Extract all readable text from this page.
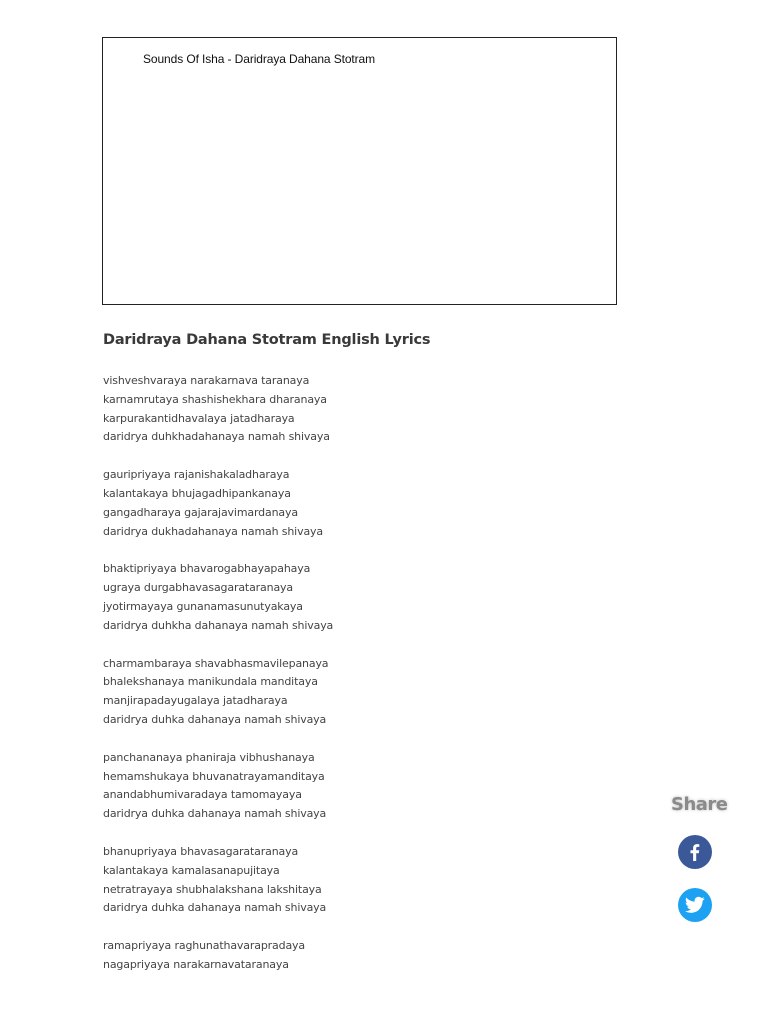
Sounds Of Isha - Daridraya Dahana Stotram
Daridraya Dahana Stotram English Lyrics

vishveshvaraya narakarnava taranaya
karnamrutaya shashishekhara dharanaya
karpurakantidhavalaya jatadharaya
daridrya duhkhadahanaya namah shivaya

gauripriyaya rajanishakaladharaya
kalantakaya bhujagadhipankanaya
gangadharaya gajarajavimardanaya
daridrya dukhadahanaya namah shivaya

bhaktipriyaya bhavarogabhayapahaya
ugraya durgabhavasagarataranaya
jyotirmayaya gunanamasunutyakaya
daridrya duhkha dahanaya namah shivaya

charmambaraya shavabhasmavilepanaya
bhalekshanaya manikundala manditaya
manjirapadayugalaya jatadharaya
daridrya duhka dahanaya namah shivaya

panchananaya phaniraja vibhushanaya
hemamshukaya bhuvanatrayamanditaya
anandabhumivaradaya tamomayaya
daridrya duhka dahanaya namah shivaya

bhanupriyaya bhavasagarataranaya
kalantakaya kamalasanapujitaya
netratrayaya shubhalakshana lakshitaya
daridrya duhka dahanaya namah shivaya

ramapriyaya raghunathavarapradaya
nagapriyaya narakarnavataranaya

Share
